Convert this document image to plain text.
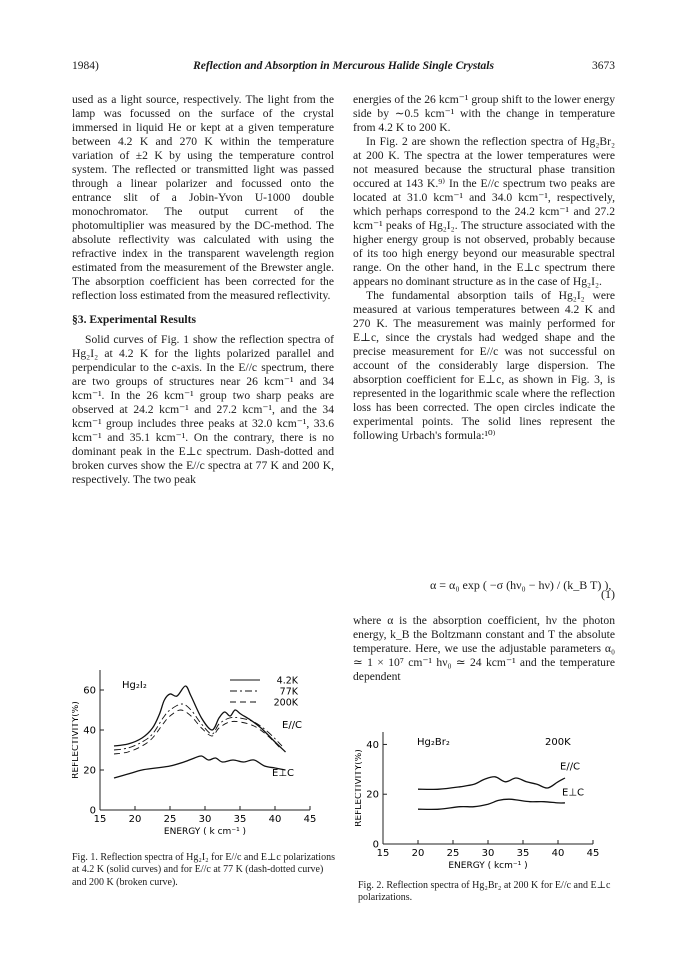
1984)	Reflection and Absorption in Mercurous Halide Single Crystals	3673

used as a light source, respectively. The light from the lamp was focussed on the surface of the crystal immersed in liquid He or kept at a given temperature between 4.2 K and 270 K within the temperature variation of ±2 K by using the temperature control system. The reflected or transmitted light was passed through a linear polarizer and focussed onto the entrance slit of a Jobin-Yvon U-1000 double monochromator. The output current of the photomultiplier was measured by the DC-method. The absolute reflectivity was calculated with using the refractive index in the transparent wavelength region estimated from the measurement of the Brewster angle. The absorption coefficient has been corrected for the reflection loss estimated from the measured reflectivity.

§3. Experimental Results

Solid curves of Fig. 1 show the reflection spectra of Hg₂I₂ at 4.2 K for the lights polarized parallel and perpendicular to the c-axis. In the E//c spectrum, there are two groups of structures near 26 kcm⁻¹ and 34 kcm⁻¹. In the 26 kcm⁻¹ group two sharp peaks are observed at 24.2 kcm⁻¹ and 27.2 kcm⁻¹, and the 34 kcm⁻¹ group includes three peaks at 32.0 kcm⁻¹, 33.6 kcm⁻¹ and 35.1 kcm⁻¹. On the contrary, there is no dominant peak in the E⊥c spectrum. Dash-dotted and broken curves show the E//c spectra at 77 K and 200 K, respectively. The two peak

energies of the 26 kcm⁻¹ group shift to the lower energy side by ∼0.5 kcm⁻¹ with the change in temperature from 4.2 K to 200 K.

In Fig. 2 are shown the reflection spectra of Hg₂Br₂ at 200 K. The spectra at the lower temperatures were not measured because the structural phase transition occured at 143 K.⁹⁾ In the E//c spectrum two peaks are located at 31.0 kcm⁻¹ and 34.0 kcm⁻¹, respectively, which perhaps correspond to the 24.2 kcm⁻¹ and 27.2 kcm⁻¹ peaks of Hg₂I₂. The structure associated with the higher energy group is not observed, probably because of its too high energy beyond our measurable spectral range. On the other hand, in the E⊥c spectrum there appears no dominant structure as in the case of Hg₂I₂.

The fundamental absorption tails of Hg₂I₂ were measured at various temperatures between 4.2 K and 270 K. The measurement was mainly performed for E⊥c, since the crystals had wedged shape and the precise measurement for E//c was not successful on account of the considerably large dispersion. The absorption coefficient for E⊥c, as shown in Fig. 3, is represented in the logarithmic scale where the reflection loss has been corrected. The open circles indicate the experimental points. The solid lines represent the following Urbach's formula:¹⁰⁾

α = α₀ exp ( −σ (hν₀ − hν) / (k_B T) ),
(1)
where α is the absorption coefficient, hν the photon energy, k_B the Boltzmann constant and T the absolute temperature. Here, we use the adjustable parameters α₀ ≃ 1 × 10⁷ cm⁻¹ hν₀ ≃ 24 kcm⁻¹ and the temperature dependent
15 20 25 30 35 40 45
0
20
40
60
ENERGY ( k cm⁻¹ )
REFLECTIVITY(%)
Hg₂I₂	4.2K
77K
200K
E//C
E⊥C
Fig. 1. Reflection spectra of Hg₂I₂ for E//c and E⊥c polarizations at 4.2 K (solid curves) and for E//c at 77 K (dash-dotted curve) and 200 K (broken curve).
15 20 25 30 35 40 45
0
20
40
ENERGY ( kcm⁻¹ )
REFLECTIVITY(%)
Hg₂Br₂	200K
E//C
E⊥C
Fig. 2. Reflection spectra of Hg₂Br₂ at 200 K for E//c and E⊥c polarizations.
